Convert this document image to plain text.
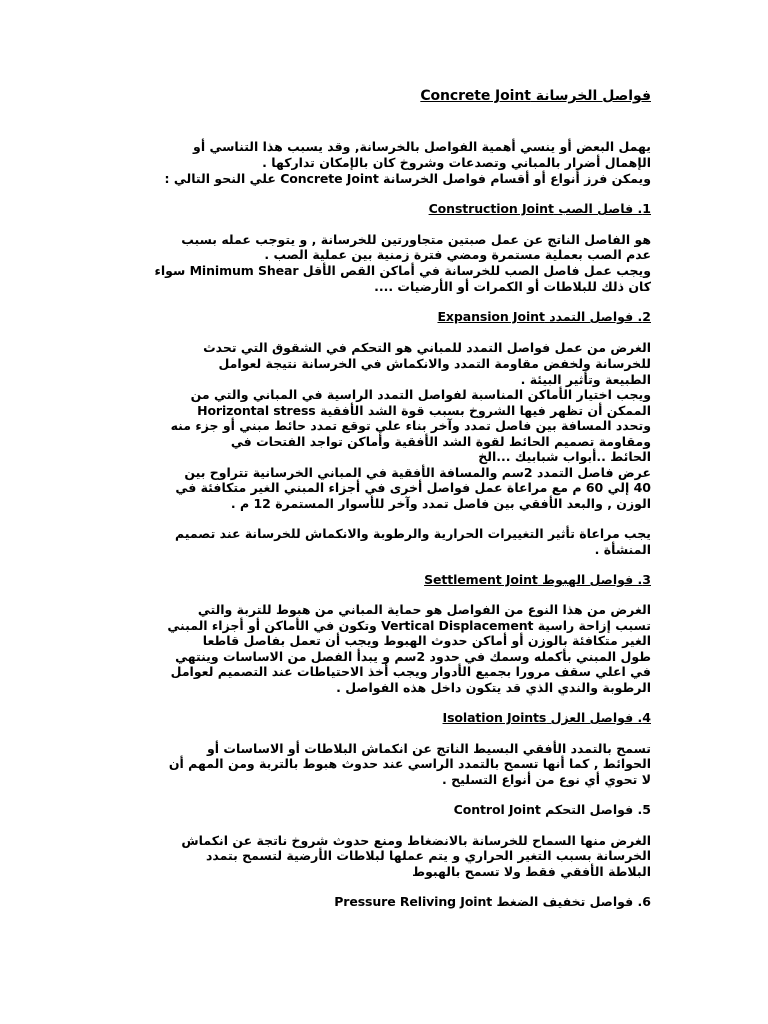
فواصل الخرسانة Concrete Joint
يهمل البعض أو ينسي أهمية الفواصل بالخرسانة, وقد يسبب هذا التناسي أو
الإهمال أضرار بالمباني وتصدعات وشروخ كان بالإمكان تداركها .
ويمكن فرز أنواع أو أقسام فواصل الخرسانة Concrete Joint علي النحو التالي :
1. فاصل الصب Construction Joint
هو الفاصل الناتج عن عمل صبتين متجاورتين للخرسانة , و يتوجب عمله بسبب
عدم الصب بعملية مستمرة ومضي فترة زمنية بين عملية الصب .
ويجب عمل فاصل الصب للخرسانة في أماكن القص الأقل Minimum Shear سواء
كان ذلك للبلاطات أو الكمرات أو الأرضيات ....
2. فواصل التمدد Expansion Joint
الغرض من عمل فواصل التمدد للمباني هو التحكم في الشقوق التي تحدث
للخرسانة ولخفض مقاومة التمدد والانكماش في الخرسانة نتيجة لعوامل
الطبيعة وتأثير البيئة .
ويجب اختيار الأماكن المناسبة لفواصل التمدد الراسية في المباني والتي من
الممكن أن تظهر فيها الشروخ بسبب قوة الشد الأفقية Horizontal stress
وتحدد المسافة بين فاصل تمدد وآخر بناء علي توقع تمدد حائط مبني أو جزء منه
ومقاومة تصميم الحائط لقوة الشد الأفقية وأماكن تواجد الفتحات في
الحائط ..أبواب شبابيك ...الخ
عرض فاصل التمدد 2سم والمسافة الأفقية في المباني الخرسانية تتراوح بين
40 إلي 60 م مع مراعاة عمل فواصل أخرى في أجزاء المبني الغير متكافئة في
الوزن , والبعد الأفقي بين فاصل تمدد وآخر للأسوار المستمرة 12 م .
يجب مراعاة تأثير التغييرات الحرارية والرطوبة والانكماش للخرسانة عند تصميم
المنشأة .
3. فواصل الهبوط Settlement Joint
الغرض من هذا النوع من الفواصل هو حماية المباني من هبوط للتربة والتي
تسبب إزاحة راسية Vertical Displacement وتكون في الأماكن أو أجزاء المبني
الغير متكافئة بالوزن أو أماكن حدوث الهبوط ويجب أن تعمل بفاصل قاطعا
طول المبني بأكمله وسمك في حدود 2سم و يبدأ الفصل من الاساسات وينتهي
في اعلي سقف مرورا بجميع الأدوار ويجب أخذ الاحتياطات عند التصميم لعوامل
الرطوبة والندي الذي قد يتكون داخل هذه الفواصل .
4. فواصل العزل Isolation Joints
تسمح بالتمدد الأفقي البسيط الناتج عن انكماش البلاطات أو الاساسات أو
الحوائط , كما أنها تسمح بالتمدد الراسي عند حدوث هبوط بالتربة ومن المهم أن
لا تحوي أي نوع من أنواع التسليح .
5. فواصل التحكم Control Joint
الغرض منها السماح للخرسانة بالانضغاط ومنع حدوث شروخ ناتجة عن انكماش
الخرسانة بسبب التغير الحراري و يتم عملها لبلاطات الأرضية لتسمح بتمدد
البلاطة الأفقي فقط ولا تسمح بالهبوط
6. فواصل تخفيف الضغط Pressure Reliving Joint
